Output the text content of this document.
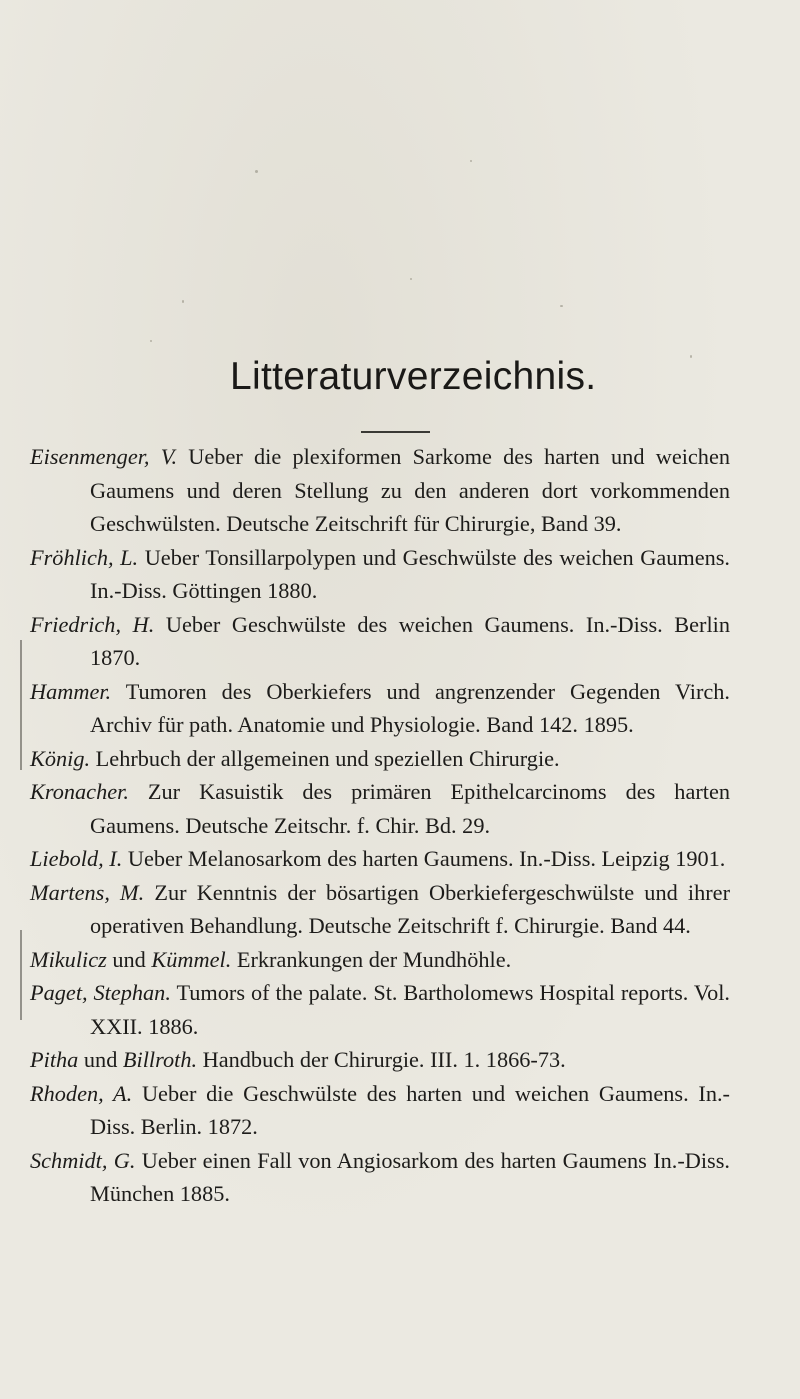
Litteraturverzeichnis.

Eisenmenger, V. Ueber die plexiformen Sarkome des harten und weichen Gaumens und deren Stellung zu den anderen dort vorkommenden Geschwülsten. Deutsche Zeitschrift für Chirurgie, Band 39.

Fröhlich, L. Ueber Tonsillarpolypen und Geschwülste des weichen Gaumens. In.-Diss. Göttingen 1880.

Friedrich, H. Ueber Geschwülste des weichen Gaumens. In.-Diss. Berlin 1870.

Hammer. Tumoren des Oberkiefers und angrenzender Gegenden Virch. Archiv für path. Anatomie und Physiologie. Band 142. 1895.

König. Lehrbuch der allgemeinen und speziellen Chirurgie.

Kronacher. Zur Kasuistik des primären Epithelcarcinoms des harten Gaumens. Deutsche Zeitschr. f. Chir. Bd. 29.

Liebold, I. Ueber Melanosarkom des harten Gaumens. In.-Diss. Leipzig 1901.

Martens, M. Zur Kenntnis der bösartigen Oberkiefergeschwülste und ihrer operativen Behandlung. Deutsche Zeitschrift f. Chirurgie. Band 44.

Mikulicz und Kümmel. Erkrankungen der Mundhöhle.

Paget, Stephan. Tumors of the palate. St. Bartholomews Hospital reports. Vol. XXII. 1886.

Pitha und Billroth. Handbuch der Chirurgie. III. 1. 1866-73.

Rhoden, A. Ueber die Geschwülste des harten und weichen Gaumens. In.-Diss. Berlin. 1872.

Schmidt, G. Ueber einen Fall von Angiosarkom des harten Gaumens In.-Diss. München 1885.
